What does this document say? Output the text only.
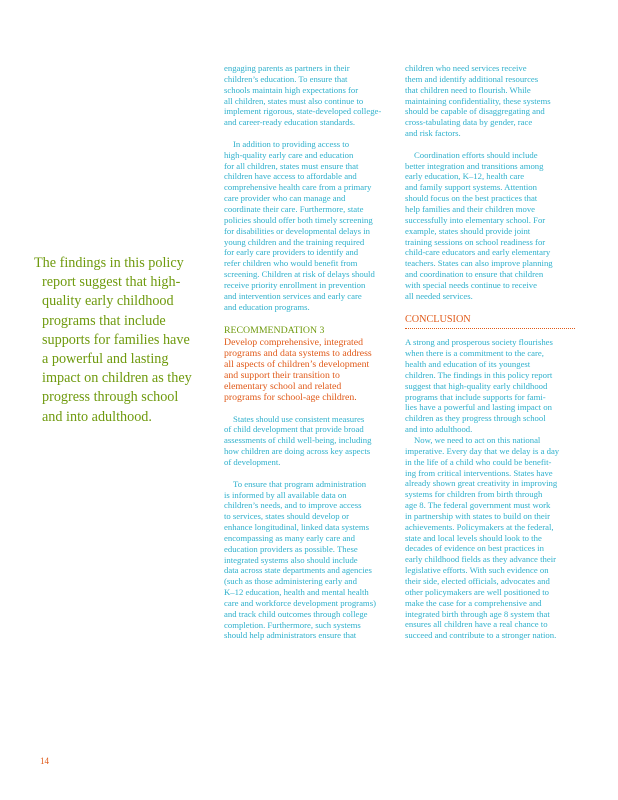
The findings in this policy
report suggest that high-
quality early childhood
programs that include
supports for families have
a powerful and lasting
impact on children as they
progress through school
and into adulthood.
engaging parents as partners in their
children’s education. To ensure that
schools maintain high expectations for
all children, states must also continue to
implement rigorous, state-developed college-
and career-ready education standards.
In addition to providing access to
high-quality early care and education
for all children, states must ensure that
children have access to affordable and
comprehensive health care from a primary
care provider who can manage and
coordinate their care. Furthermore, state
policies should offer both timely screening
for disabilities or developmental delays in
young children and the training required
for early care providers to identify and
refer children who would benefit from
screening. Children at risk of delays should
receive priority enrollment in prevention
and intervention services and early care
and education programs.
RECOMMENDATION 3
Develop comprehensive, integrated
programs and data systems to address
all aspects of children’s development
and support their transition to
elementary school and related
programs for school-age children.
States should use consistent measures
of child development that provide broad
assessments of child well-being, including
how children are doing across key aspects
of development.
To ensure that program administration
is informed by all available data on
children’s needs, and to improve access
to services, states should develop or
enhance longitudinal, linked data systems
encompassing as many early care and
education providers as possible. These
integrated systems also should include
data across state departments and agencies
(such as those administering early and
K–12 education, health and mental health
care and workforce development programs)
and track child outcomes through college
completion. Furthermore, such systems
should help administrators ensure that
children who need services receive
them and identify additional resources
that children need to flourish. While
maintaining confidentiality, these systems
should be capable of disaggregating and
cross-tabulating data by gender, race
and risk factors.
Coordination efforts should include
better integration and transitions among
early education, K–12, health care
and family support systems. Attention
should focus on the best practices that
help families and their children move
successfully into elementary school. For
example, states should provide joint
training sessions on school readiness for
child-care educators and early elementary
teachers. States can also improve planning
and coordination to ensure that children
with special needs continue to receive
all needed services.
CONCLUSION
A strong and prosperous society flourishes
when there is a commitment to the care,
health and education of its youngest
children. The findings in this policy report
suggest that high-quality early childhood
programs that include supports for fami-
lies have a powerful and lasting impact on
children as they progress through school
and into adulthood.
Now, we need to act on this national
imperative. Every day that we delay is a day
in the life of a child who could be benefit-
ing from critical interventions. States have
already shown great creativity in improving
systems for children from birth through
age 8. The federal government must work
in partnership with states to build on their
achievements. Policymakers at the federal,
state and local levels should look to the
decades of evidence on best practices in
early childhood fields as they advance their
legislative efforts. With such evidence on
their side, elected officials, advocates and
other policymakers are well positioned to
make the case for a comprehensive and
integrated birth through age 8 system that
ensures all children have a real chance to
succeed and contribute to a stronger nation.
14
